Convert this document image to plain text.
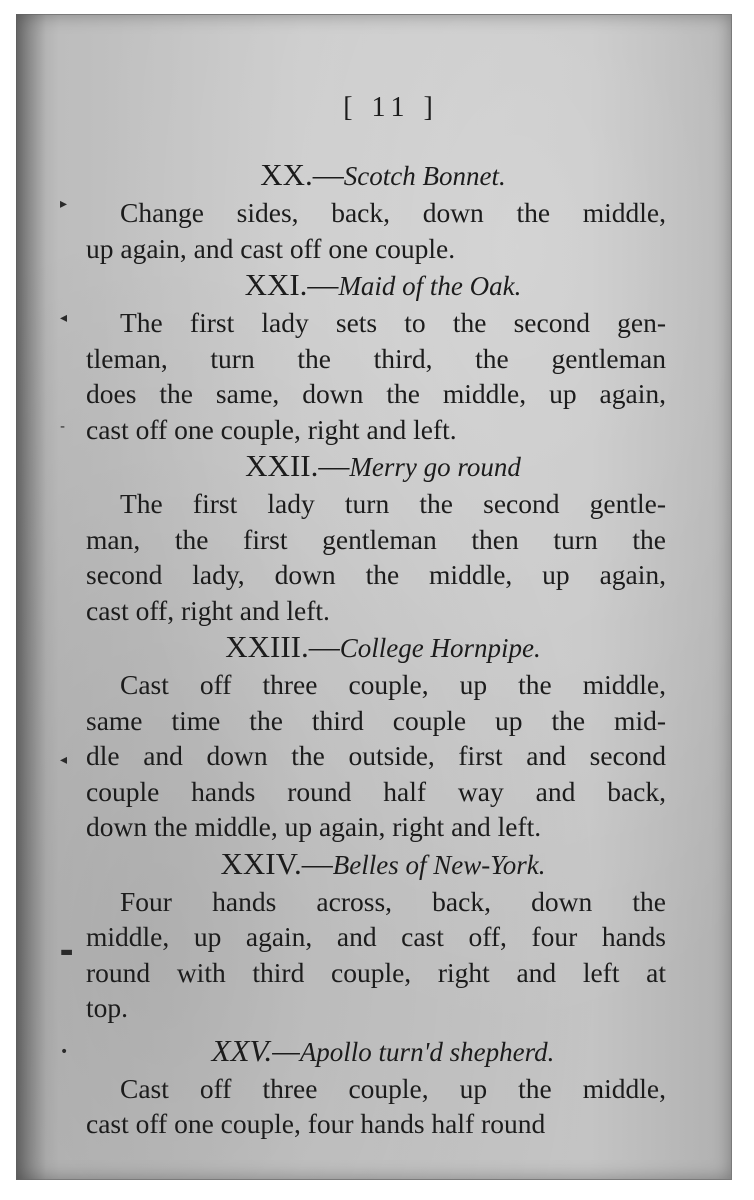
▸
◂
-
◂
▬
•
[ 11 ]
XX.—Scotch Bonnet.
Change sides, back, down the middle,
up again, and cast off one couple.
XXI.—Maid of the Oak.
The first lady sets to the second gen-
tleman, turn the third, the gentleman
does the same, down the middle, up again,
cast off one couple, right and left.
XXII.—Merry go round
The first lady turn the second gentle-
man, the first gentleman then turn the
second lady, down the middle, up again,
cast off, right and left.
XXIII.—College Hornpipe.
Cast off three couple, up the middle,
same time the third couple up the mid-
dle and down the outside, first and second
couple hands round half way and back,
down the middle, up again, right and left.
XXIV.—Belles of New-York.
Four hands across, back, down the
middle, up again, and cast off, four hands
round with third couple, right and left at
top.
XXV.—Apollo turn'd shepherd.
Cast off three couple, up the middle,
cast off one couple, four hands half round
